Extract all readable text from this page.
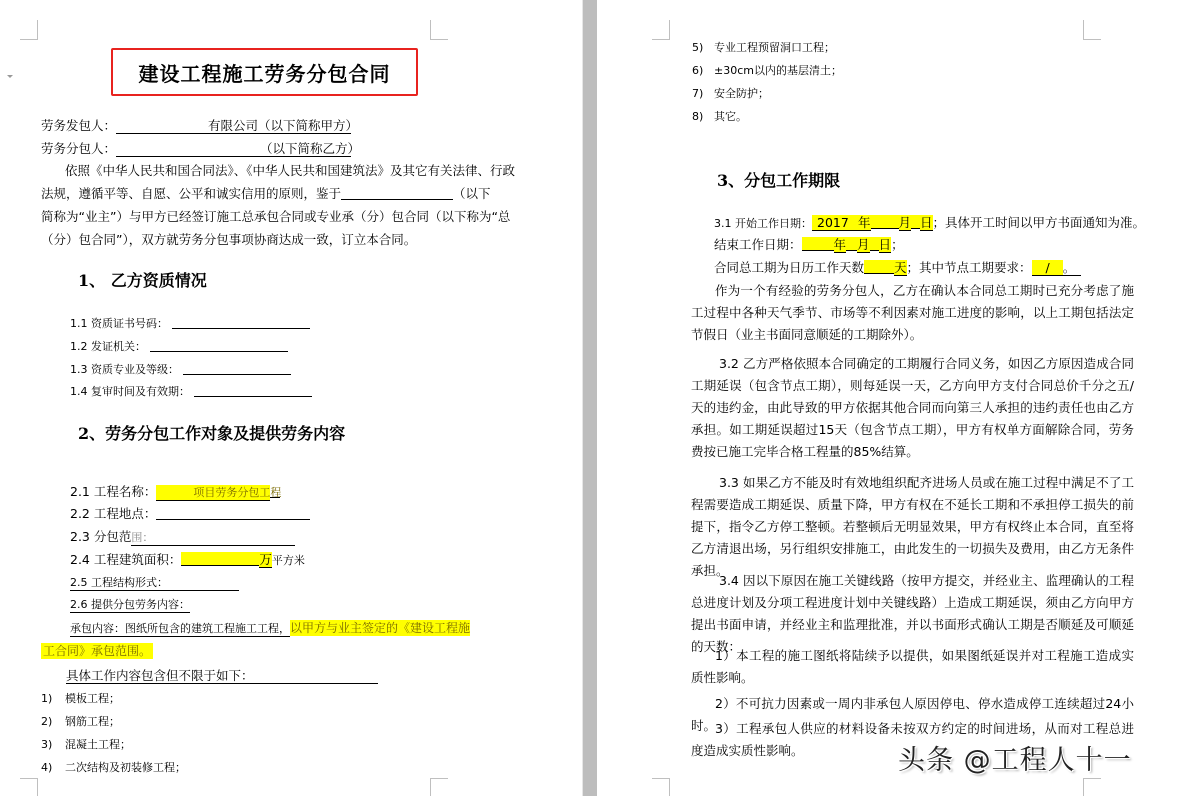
建设工程施工劳务分包合同
劳务发包人：	有限公司（以下简称甲方）
劳务分包人：	（以下简称乙方）
依照《中华人民共和国合同法》、《中华人民共和国建筑法》及其它有关法律、行政
法规，遵循平等、自愿、公平和诚实信用的原则，鉴于	（以下
简称为“业主”）与甲方已经签订施工总承包合同或专业承（分）包合同（以下称为“总
（分）包合同”），双方就劳务分包事项协商达成一致，订立本合同。
1、 乙方资质情况
1.1 资质证书号码：
1.2 发证机关：
1.3 资质专业及等级：
1.4 复审时间及有效期：
2、劳务分包工作对象及提供劳务内容
2.1 工程名称：	项目劳务分包工程
2.2 工程地点：
2.3 分包范围：
2.4 工程建筑面积：	万平方米
2.5 工程结构形式：
2.6 提供分包劳务内容：
承包内容：图纸所包含的建筑工程施工工程，以甲方与业主签定的《建设工程施
工合同》承包范围。
具体工作内容包含但不限于如下：
1) 模板工程；
2) 钢筋工程；
3) 混凝土工程；
4) 二次结构及初装修工程；
5) 专业工程预留洞口工程；
6) ±30cm以内的基层清土；
7) 安全防护；
8) 其它。
3、分包工作期限
3.1 开始工作日期： 2017 年 月 日；具体开工时间以甲方书面通知为准。
结束工作日期：	年 月 日；
合同总工期为日历工作天数 天；其中节点工期要求： / 。
作为一个有经验的劳务分包人，乙方在确认本合同总工期时已充分考虑了施工过程中各种天气季节、市场等不利因素对施工进度的影响，以上工期包括法定节假日（业主书面同意顺延的工期除外）。
3.2 乙方严格依照本合同确定的工期履行合同义务，如因乙方原因造成合同工期延误（包含节点工期），则每延误一天，乙方向甲方支付合同总价千分之五/天的违约金，由此导致的甲方依据其他合同而向第三人承担的违约责任也由乙方承担。如工期延误超过15天（包含节点工期），甲方有权单方面解除合同，劳务费按已施工完毕合格工程量的85%结算。
3.3 如果乙方不能及时有效地组织配齐进场人员或在施工过程中满足不了工程需要造成工期延误、质量下降，甲方有权在不延长工期和不承担停工损失的前提下，指令乙方停工整顿。若整顿后无明显效果，甲方有权终止本合同，直至将乙方清退出场，另行组织安排施工，由此发生的一切损失及费用，由乙方无条件承担。
3.4 因以下原因在施工关键线路（按甲方提交，并经业主、监理确认的工程总进度计划及分项工程进度计划中关键线路）上造成工期延误，须由乙方向甲方提出书面申请，并经业主和监理批准，并以书面形式确认工期是否顺延及可顺延的天数：
1）本工程的施工图纸将陆续予以提供，如果图纸延误并对工程施工造成实质性影响。
2）不可抗力因素或一周内非承包人原因停电、停水造成停工连续超过24小时。
3）工程承包人供应的材料设备未按双方约定的时间进场，从而对工程总进度造成实质性影响。	头条 @工程人十一
